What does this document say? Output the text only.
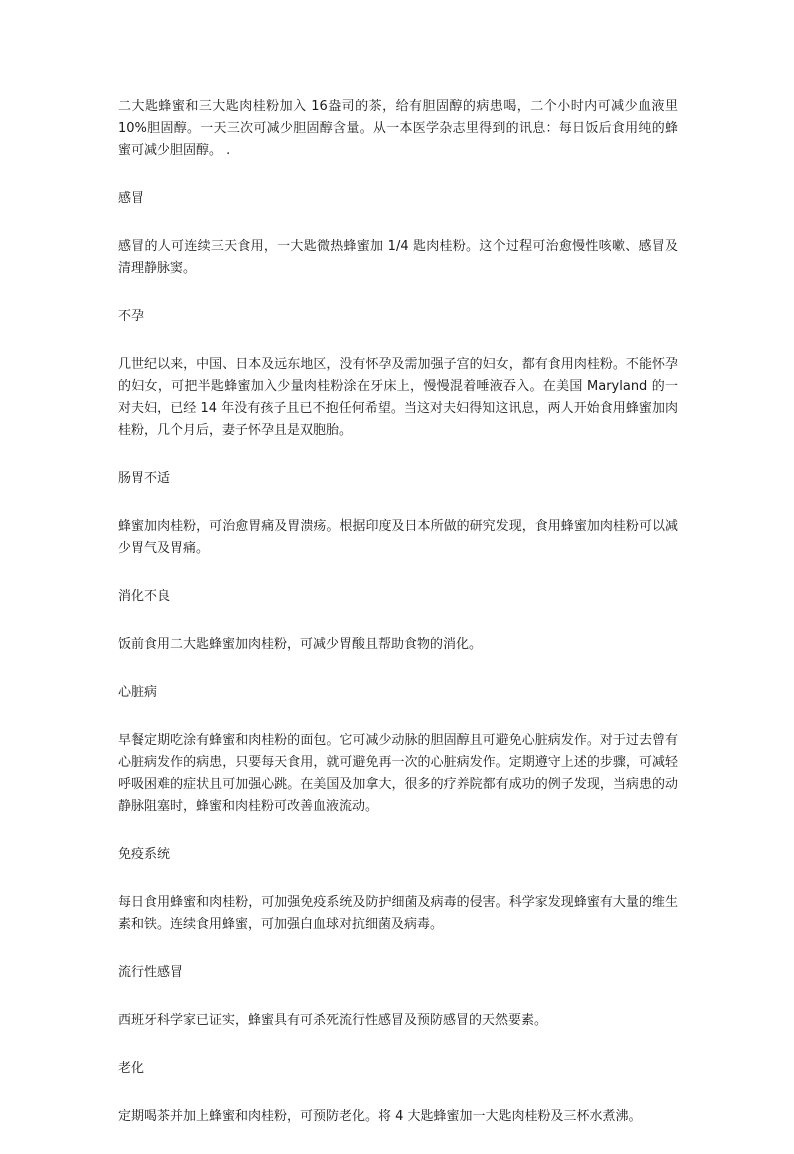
二大匙蜂蜜和三大匙肉桂粉加入 16盎司的茶，给有胆固醇的病患喝，二个小时内可减少血液里 10%胆固醇。一天三次可减少胆固醇含量。从一本医学杂志里得到的讯息：每日饭后食用纯的蜂蜜可减少胆固醇。 .

感冒

感冒的人可连续三天食用，一大匙微热蜂蜜加 1/4 匙肉桂粉。这个过程可治愈慢性咳嗽、感冒及清理静脉窦。

不孕

几世纪以来，中国、日本及远东地区，没有怀孕及需加强子宫的妇女，都有食用肉桂粉。不能怀孕的妇女，可把半匙蜂蜜加入少量肉桂粉涂在牙床上，慢慢混着唾液吞入。在美国 Maryland 的一对夫妇，已经 14 年没有孩子且已不抱任何希望。当这对夫妇得知这讯息，两人开始食用蜂蜜加肉桂粉，几个月后，妻子怀孕且是双胞胎。

肠胃不适

蜂蜜加肉桂粉，可治愈胃痛及胃溃疡。根据印度及日本所做的研究发现，食用蜂蜜加肉桂粉可以减少胃气及胃痛。

消化不良

饭前食用二大匙蜂蜜加肉桂粉，可减少胃酸且帮助食物的消化。

心脏病

早餐定期吃涂有蜂蜜和肉桂粉的面包。它可减少动脉的胆固醇且可避免心脏病发作。对于过去曾有心脏病发作的病患，只要每天食用，就可避免再一次的心脏病发作。定期遵守上述的步骤，可减轻呼吸困难的症状且可加强心跳。在美国及加拿大，很多的疗养院都有成功的例子发现，当病患的动静脉阻塞时，蜂蜜和肉桂粉可改善血液流动。

免疫系统

每日食用蜂蜜和肉桂粉，可加强免疫系统及防护细菌及病毒的侵害。科学家发现蜂蜜有大量的维生素和铁。连续食用蜂蜜，可加强白血球对抗细菌及病毒。

流行性感冒

西班牙科学家已证实，蜂蜜具有可杀死流行性感冒及预防感冒的天然要素。

老化

定期喝茶并加上蜂蜜和肉桂粉，可预防老化。将 4 大匙蜂蜜加一大匙肉桂粉及三杯水煮沸。
